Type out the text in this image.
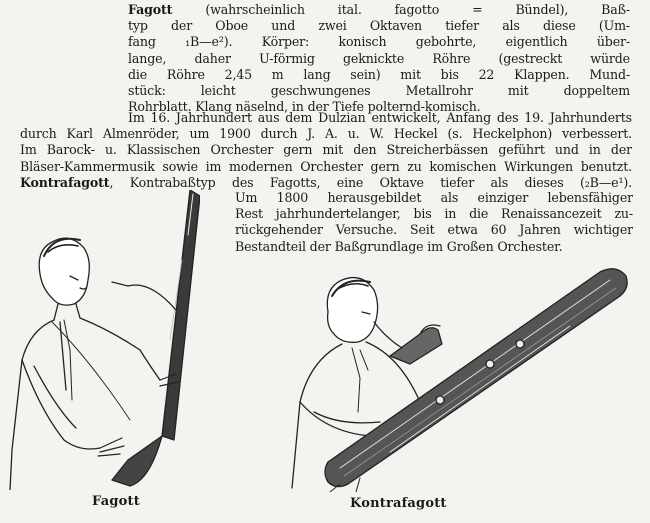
Fagott (wahrscheinlich ital. fagotto = Bündel), Baß-
typ der Oboe und zwei Oktaven tiefer als diese (Um-
fang ₁B—e²). Körper: konisch gebohrte, eigentlich über-
lange, daher U-förmig geknickte Röhre (gestreckt würde
die Röhre 2,45 m lang sein) mit bis 22 Klappen. Mund-
stück: leicht geschwungenes Metallrohr mit doppeltem
Rohrblatt. Klang näselnd, in der Tiefe polternd-komisch.
Im 16. Jahrhundert aus dem Dulzian entwickelt, Anfang des 19. Jahrhunderts
durch Karl Almenröder, um 1900 durch J. A. u. W. Heckel (s. Heckelphon) verbessert.
Im Barock- u. Klassischen Orchester gern mit den Streicherbässen geführt und in der
Bläser-Kammermusik sowie im modernen Orchester gern zu komischen Wirkungen benutzt.
Kontrafagott, Kontrabaßtyp des Fagotts, eine Oktave tiefer als dieses (₂B—e¹).
Um 1800 herausgebildet als einziger lebensfähiger
Rest jahrhundertelanger, bis in die Renaissancezeit zu-
rückgehender Versuche. Seit etwa 60 Jahren wichtiger
Bestandteil der Baßgrundlage im Großen Orchester.
Fagott	Kontrafagott
